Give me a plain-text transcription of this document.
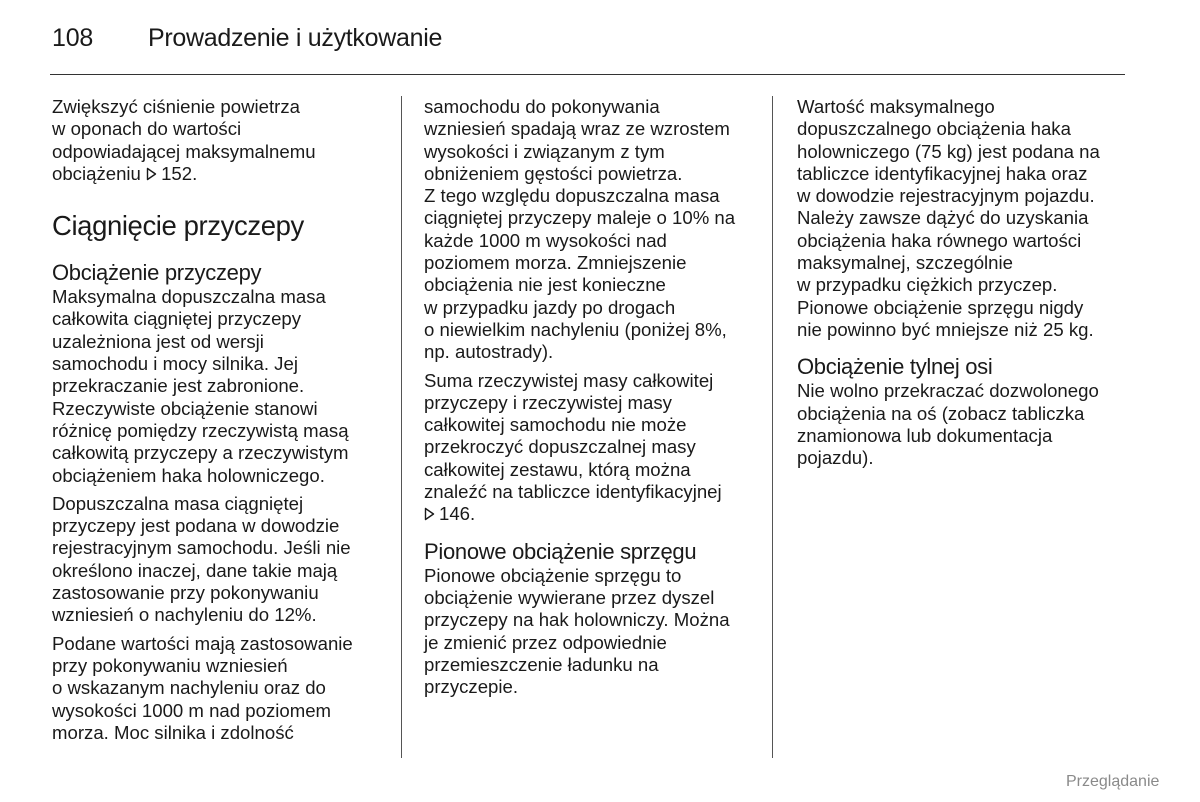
108 Prowadzenie i użytkowanie
Zwiększyć ciśnienie powietrza
w oponach do wartości
odpowiadającej maksymalnemu
obciążeniu 152.
Ciągnięcie przyczepy
Obciążenie przyczepy
Maksymalna dopuszczalna masa
całkowita ciągniętej przyczepy
uzależniona jest od wersji
samochodu i mocy silnika. Jej
przekraczanie jest zabronione.
Rzeczywiste obciążenie stanowi
różnicę pomiędzy rzeczywistą masą
całkowitą przyczepy a rzeczywistym
obciążeniem haka holowniczego.
Dopuszczalna masa ciągniętej
przyczepy jest podana w dowodzie
rejestracyjnym samochodu. Jeśli nie
określono inaczej, dane takie mają
zastosowanie przy pokonywaniu
wzniesień o nachyleniu do 12%.
Podane wartości mają zastosowanie
przy pokonywaniu wzniesień
o wskazanym nachyleniu oraz do
wysokości 1000 m nad poziomem
morza. Moc silnika i zdolność
samochodu do pokonywania
wzniesień spadają wraz ze wzrostem
wysokości i związanym z tym
obniżeniem gęstości powietrza.
Z tego względu dopuszczalna masa
ciągniętej przyczepy maleje o 10% na
każde 1000 m wysokości nad
poziomem morza. Zmniejszenie
obciążenia nie jest konieczne
w przypadku jazdy po drogach
o niewielkim nachyleniu (poniżej 8%,
np. autostrady).
Suma rzeczywistej masy całkowitej
przyczepy i rzeczywistej masy
całkowitej samochodu nie może
przekroczyć dopuszczalnej masy
całkowitej zestawu, którą można
znaleźć na tabliczce identyfikacyjnej
146.
Pionowe obciążenie sprzęgu
Pionowe obciążenie sprzęgu to
obciążenie wywierane przez dyszel
przyczepy na hak holowniczy. Można
je zmienić przez odpowiednie
przemieszczenie ładunku na
przyczepie.
Wartość maksymalnego
dopuszczalnego obciążenia haka
holowniczego (75 kg) jest podana na
tabliczce identyfikacyjnej haka oraz
w dowodzie rejestracyjnym pojazdu.
Należy zawsze dążyć do uzyskania
obciążenia haka równego wartości
maksymalnej, szczególnie
w przypadku ciężkich przyczep.
Pionowe obciążenie sprzęgu nigdy
nie powinno być mniejsze niż 25 kg.
Obciążenie tylnej osi
Nie wolno przekraczać dozwolonego
obciążenia na oś (zobacz tabliczka
znamionowa lub dokumentacja
pojazdu).
Przeglądanie
